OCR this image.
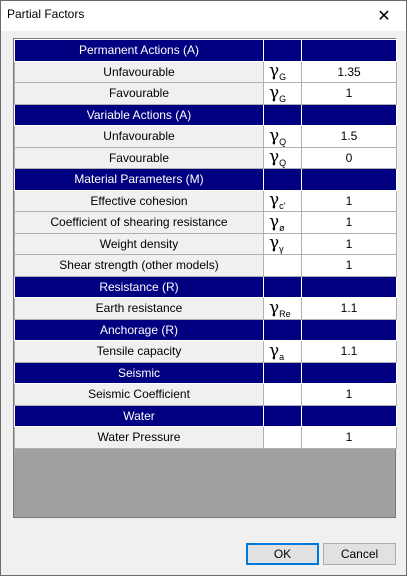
Partial Factors	✕
Permanent Actions (A)		
Unfavourable	$\gamma_G$	1.35
Favourable	$\gamma_G$	1
Variable Actions (A)		
Unfavourable	$\gamma_Q$	1.5
Favourable	$\gamma_Q$	0
Material Parameters (M)		
Effective cohesion	$\gamma_{c'}$	1
Coefficient of shearing resistance	$\gamma_ø$	1
Weight density	$\gamma_\gamma$	1
Shear strength (other models)		1
Resistance (R)		
Earth resistance	$\gamma_{Re}$	1.1
Anchorage (R)		
Tensile capacity	$\gamma_a$	1.1
Seismic		
Seismic Coefficient		1
Water		
Water Pressure		1
OK	Cancel
